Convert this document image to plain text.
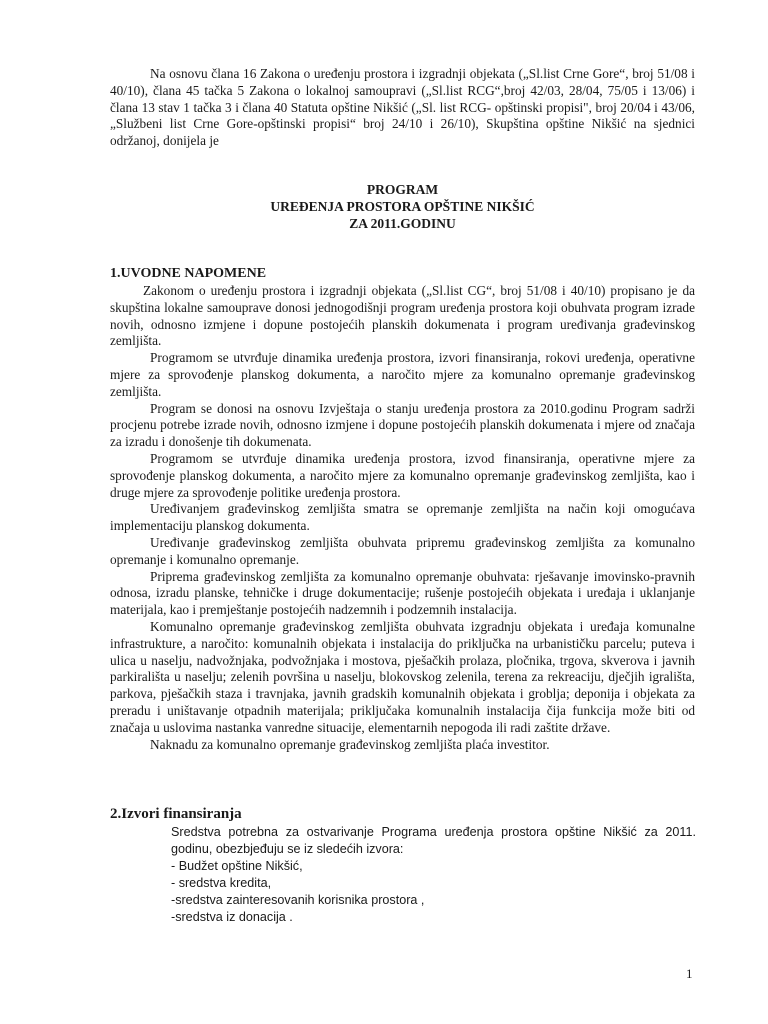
Na osnovu člana 16 Zakona o uređenju prostora i izgradnji objekata („Sl.list Crne Gore“, broj 51/08 i 40/10), člana 45 tačka 5 Zakona o lokalnoj samoupravi („Sl.list RCG“,broj 42/03, 28/04, 75/05 i 13/06) i člana 13 stav 1 tačka 3 i člana 40 Statuta opštine Nikšić („Sl. list RCG- opštinski propisi", broj 20/04 i 43/06, „Službeni list Crne Gore-opštinski propisi“ broj 24/10 i 26/10), Skupština opštine Nikšić na sjednici održanoj, donijela je

PROGRAM
UREĐENJA PROSTORA OPŠTINE NIKŠIĆ
ZA 2011.GODINU
1.UVODNE NAPOMENE

Zakonom o uređenju prostora i izgradnji objekata („Sl.list CG“, broj 51/08 i 40/10) propisano je da skupština lokalne samouprave donosi jednogodišnji program uređenja prostora koji obuhvata program izrade novih, odnosno izmjene i dopune postojećih planskih dokumenata i program uređivanja građevinskog zemljišta.

Programom se utvrđuje dinamika uređenja prostora, izvori finansiranja, rokovi uređenja, operativne mjere za sprovođenje planskog dokumenta, a naročito mjere za komunalno opremanje građevinskog zemljišta.

Program se donosi na osnovu Izvještaja o stanju uređenja prostora za 2010.godinu Program sadrži procjenu potrebe izrade novih, odnosno izmjene i dopune postojećih planskih dokumenata i mjere od značaja za izradu i donošenje tih dokumenata.

Programom se utvrđuje dinamika uređenja prostora, izvod finansiranja, operativne mjere za sprovođenje planskog dokumenta, a naročito mjere za komunalno opremanje građevinskog zemljišta, kao i druge mjere za sprovođenje politike uređenja prostora.

Uređivanjem građevinskog zemljišta smatra se opremanje zemljišta na način koji omogućava implementaciju planskog dokumenta.

Uređivanje građevinskog zemljišta obuhvata pripremu građevinskog zemljišta za komunalno opremanje i komunalno opremanje.

Priprema građevinskog zemljišta za komunalno opremanje obuhvata: rješavanje imovinsko-pravnih odnosa, izradu planske, tehničke i druge dokumentacije; rušenje postojećih objekata i uređaja i uklanjanje materijala, kao i premještanje postojećih nadzemnih i podzemnih instalacija.

Komunalno opremanje građevinskog zemljišta obuhvata izgradnju objekata i uređaja komunalne infrastrukture, a naročito: komunalnih objekata i instalacija do priključka na urbanističku parcelu; puteva i ulica u naselju, nadvožnjaka, podvožnjaka i mostova, pješačkih prolaza, pločnika, trgova, skverova i javnih parkirališta u naselju; zelenih površina u naselju, blokovskog zelenila, terena za rekreaciju, dječjih igrališta, parkova, pješačkih staza i travnjaka, javnih gradskih komunalnih objekata i groblja; deponija i objekata za preradu i uništavanje otpadnih materijala; priključaka komunalnih instalacija čija funkcija može biti od značaja u uslovima nastanka vanredne situacije, elementarnih nepogoda ili radi zaštite države.

Naknadu za komunalno opremanje građevinskog zemljišta plaća investitor.

2.Izvori finansiranja

Sredstva potrebna za ostvarivanje Programa uređenja prostora opštine Nikšić za 2011. godinu, obezbjeđuju se iz sledećih izvora:

- Budžet opštine Nikšić,
- sredstva kredita,
-sredstva zainteresovanih korisnika prostora ,
-sredstva iz donacija .
1
